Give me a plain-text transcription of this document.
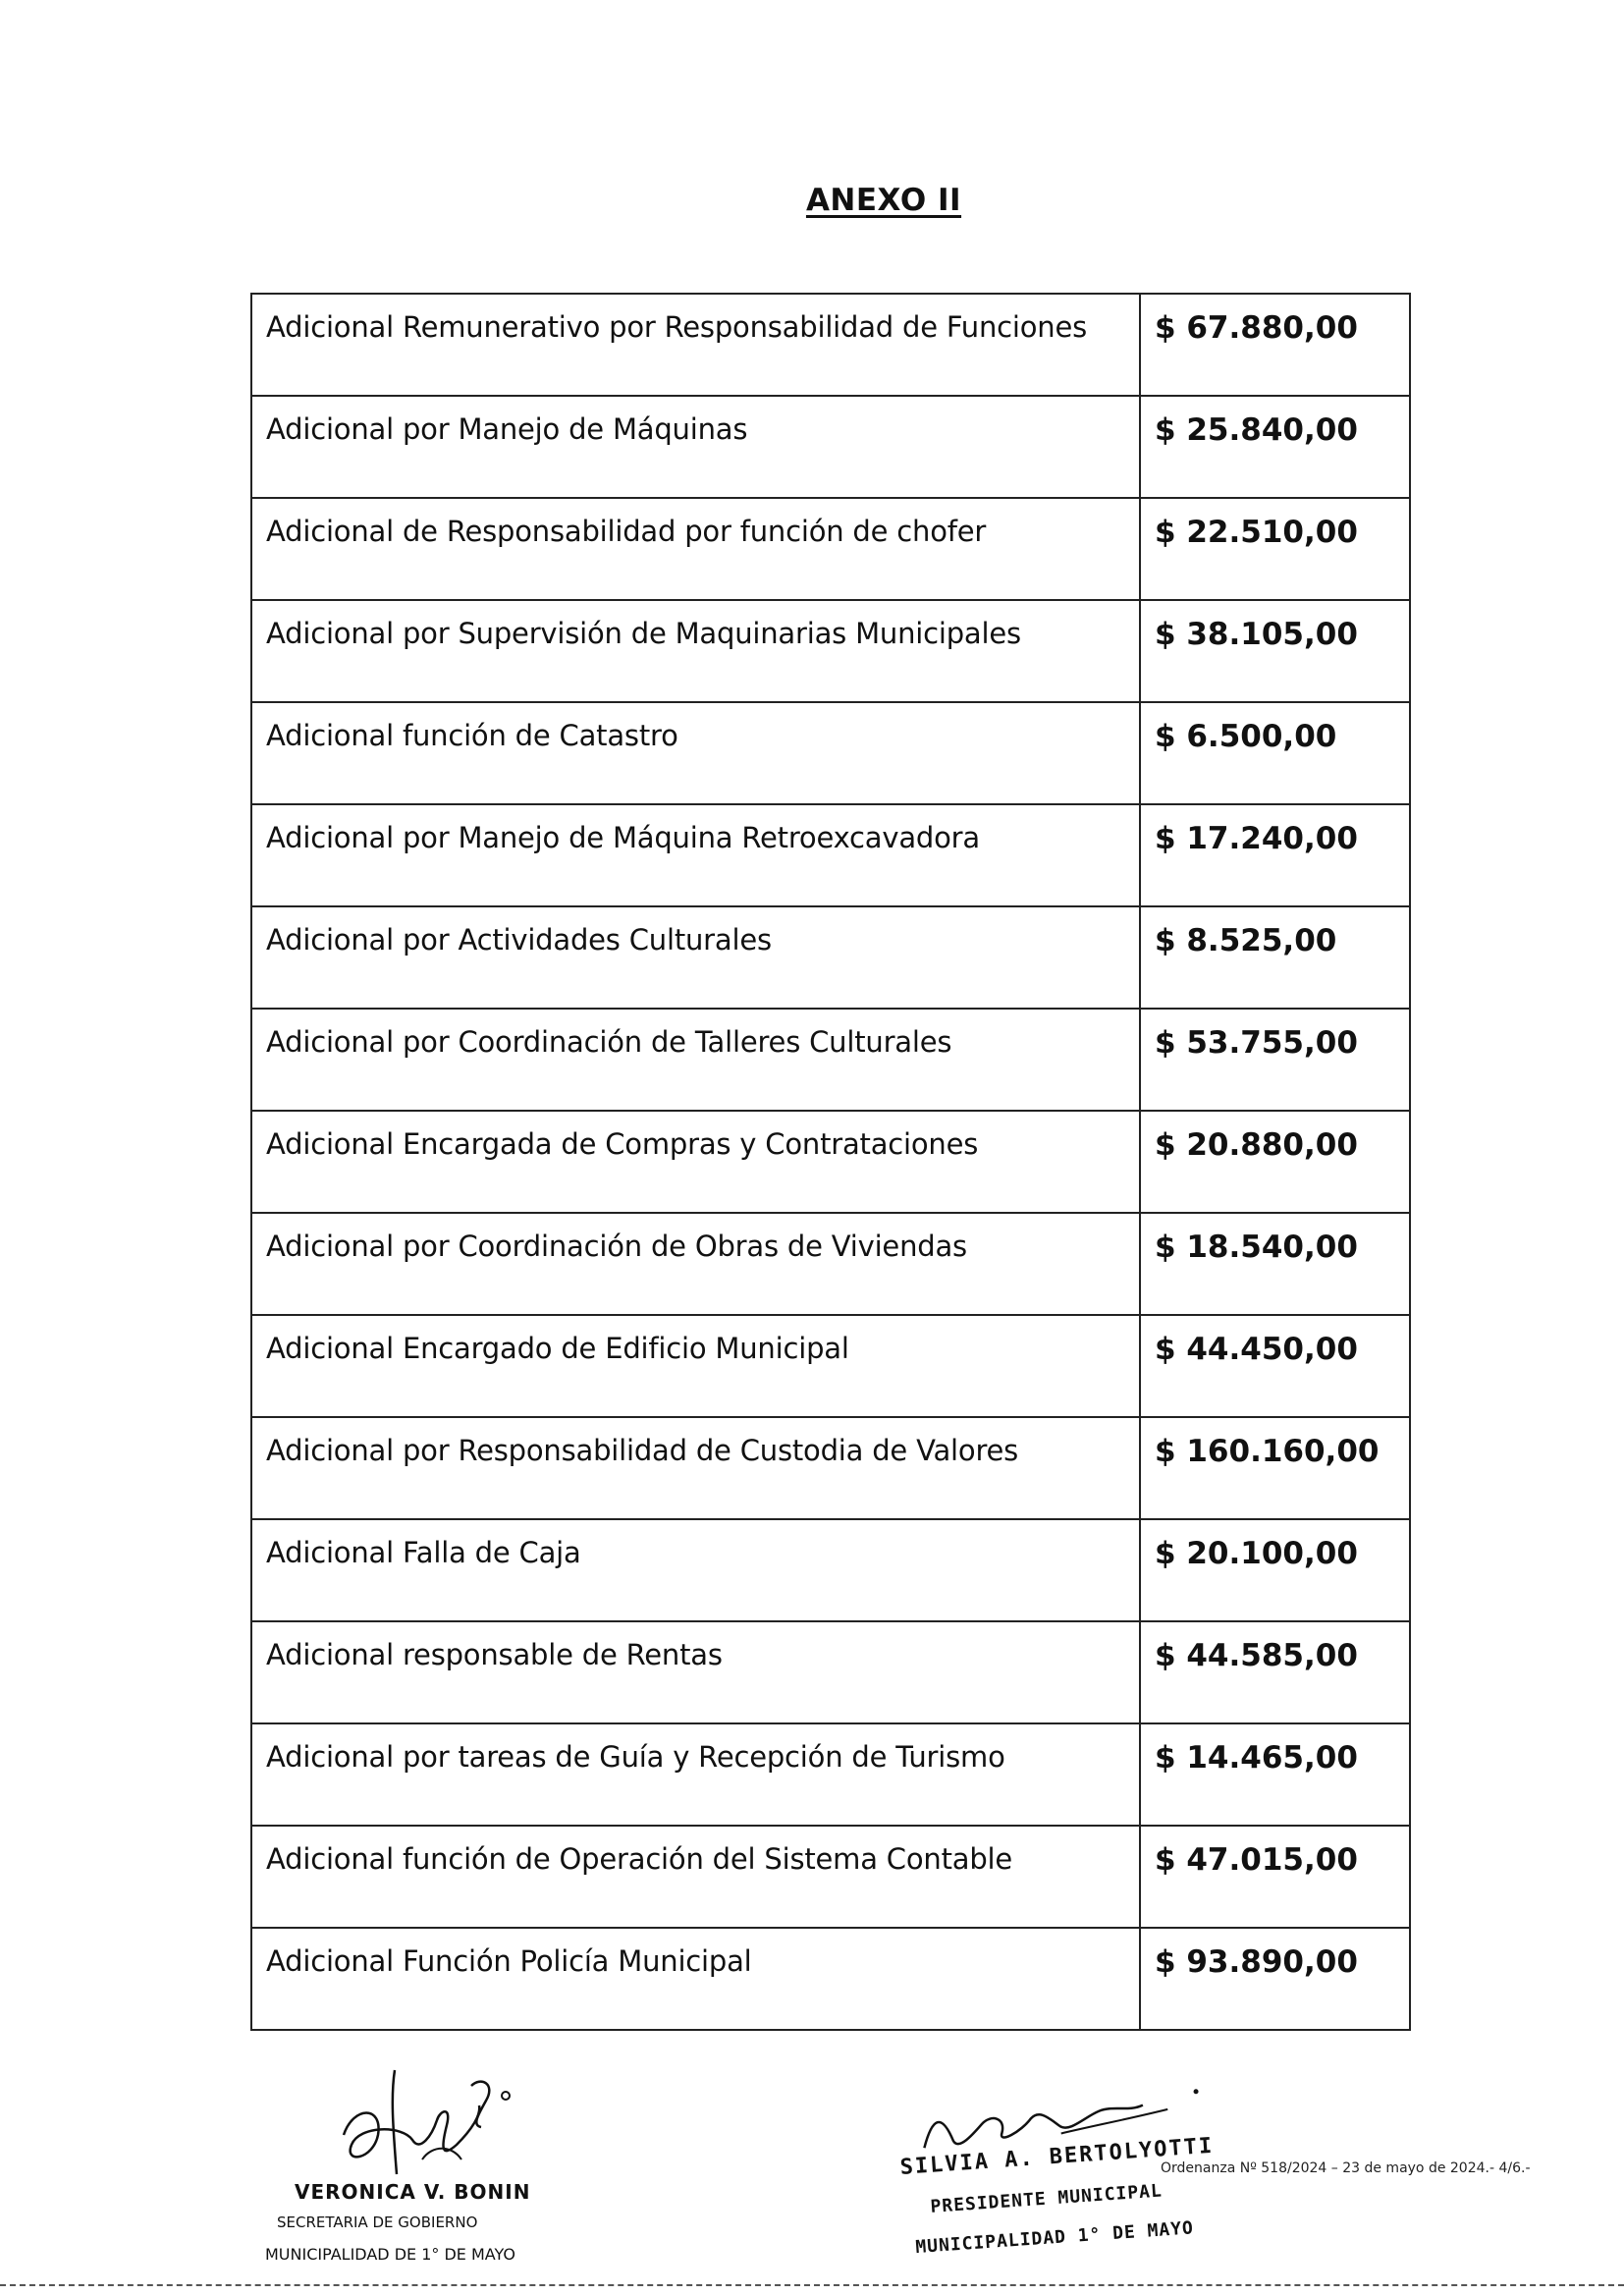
ANEXO II
Adicional Remunerativo por Responsabilidad de Funciones	$ 67.880,00
Adicional por Manejo de Máquinas	$ 25.840,00
Adicional de Responsabilidad por función de chofer	$ 22.510,00
Adicional por Supervisión de Maquinarias Municipales	$ 38.105,00
Adicional función de Catastro	$ 6.500,00
Adicional por Manejo de Máquina Retroexcavadora	$ 17.240,00
Adicional por Actividades Culturales	$ 8.525,00
Adicional por Coordinación de Talleres Culturales	$ 53.755,00
Adicional Encargada de Compras y Contrataciones	$ 20.880,00
Adicional por Coordinación de Obras de Viviendas	$ 18.540,00
Adicional Encargado de Edificio Municipal	$ 44.450,00
Adicional por Responsabilidad de Custodia de Valores	$ 160.160,00
Adicional Falla de Caja	$ 20.100,00
Adicional responsable de Rentas	$ 44.585,00
Adicional por tareas de Guía y Recepción de Turismo	$ 14.465,00
Adicional función de Operación del Sistema Contable	$ 47.015,00
Adicional Función Policía Municipal	$ 93.890,00
VERONICA V. BONIN
SECRETARIA DE GOBIERNO
MUNICIPALIDAD DE 1° DE MAYO
SILVIA A. BERTOLYOTTI
PRESIDENTE MUNICIPAL
MUNICIPALIDAD 1° DE MAYO
Ordenanza Nº 518/2024 – 23 de mayo de 2024.- 4/6.-
